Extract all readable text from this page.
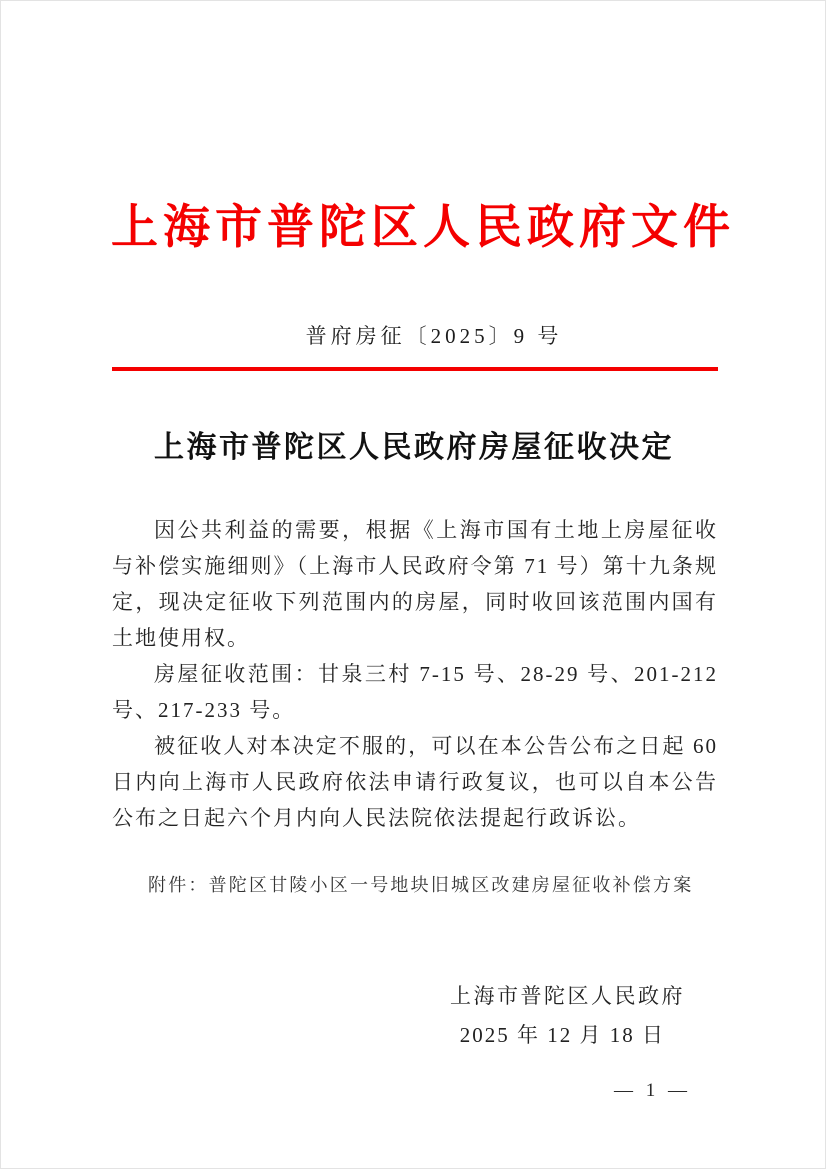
上海市普陀区人民政府文件
普府房征〔2025〕9 号
上海市普陀区人民政府房屋征收决定
因公共利益的需要，根据《上海市国有土地上房屋征收
与补偿实施细则》（上海市人民政府令第 71 号）第十九条规
定，现决定征收下列范围内的房屋，同时收回该范围内国有
土地使用权。
房屋征收范围：甘泉三村 7-15 号、28-29 号、201-212
号、217-233 号。
被征收人对本决定不服的，可以在本公告公布之日起 60
日内向上海市人民政府依法申请行政复议，也可以自本公告
公布之日起六个月内向人民法院依法提起行政诉讼。
附件：普陀区甘陵小区一号地块旧城区改建房屋征收补偿方案
上海市普陀区人民政府
2025 年 12 月 18 日
— 1 —
